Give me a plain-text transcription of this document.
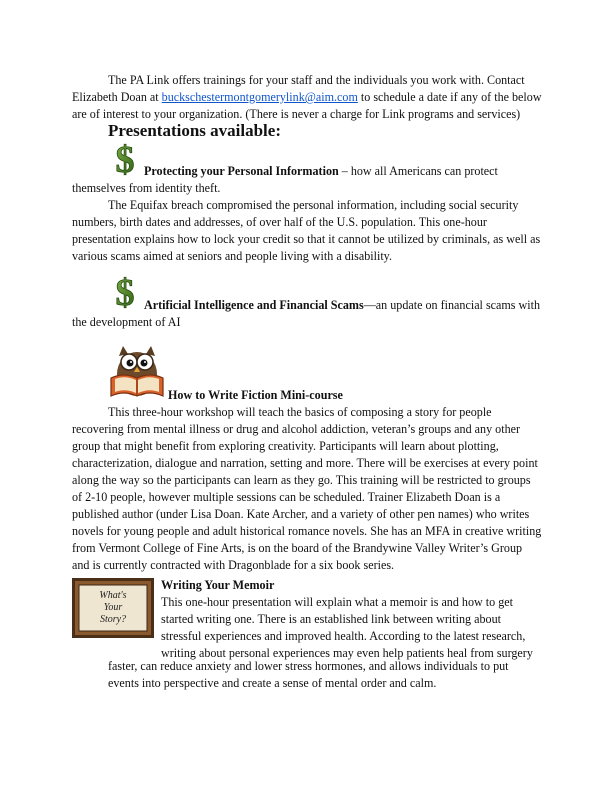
The PA Link offers trainings for your staff and the individuals you work with. Contact Elizabeth Doan at buckschestermontgomerylink@aim.com to schedule a date if any of the below are of interest to your organization. (There is never a charge for Link programs and services)

Presentations available:
$ Protecting your Personal Information – how all Americans can protect themselves from identity theft.

The Equifax breach compromised the personal information, including social security numbers, birth dates and addresses, of over half of the U.S. population. This one-hour presentation explains how to lock your credit so that it cannot be utilized by criminals, as well as various scams aimed at seniors and people living with a disability.

$ Artificial Intelligence and Financial Scams—an update on financial scams with the development of AI

How to Write Fiction Mini-course

This three-hour workshop will teach the basics of composing a story for people recovering from mental illness or drug and alcohol addiction, veteran’s groups and any other group that might benefit from exploring creativity. Participants will learn about plotting, characterization, dialogue and narration, setting and more. There will be exercises at every point along the way so the participants can learn as they go. This training will be restricted to groups of 2-10 people, however multiple sessions can be scheduled. Trainer Elizabeth Doan is a published author (under Lisa Doan. Kate Archer, and a variety of other pen names) who writes novels for young people and adult historical romance novels. She has an MFA in creative writing from Vermont College of Fine Arts, is on the board of the Brandywine Valley Writer’s Group and is currently contracted with Dragonblade for a six book series.

What's
Your
Story?

Writing Your Memoir

This one-hour presentation will explain what a memoir is and how to get started writing one. There is an established link between writing about stressful experiences and improved health. According to the latest research, writing about personal experiences may even help patients heal from surgery

faster, can reduce anxiety and lower stress hormones, and allows individuals to put events into perspective and create a sense of mental order and calm.
